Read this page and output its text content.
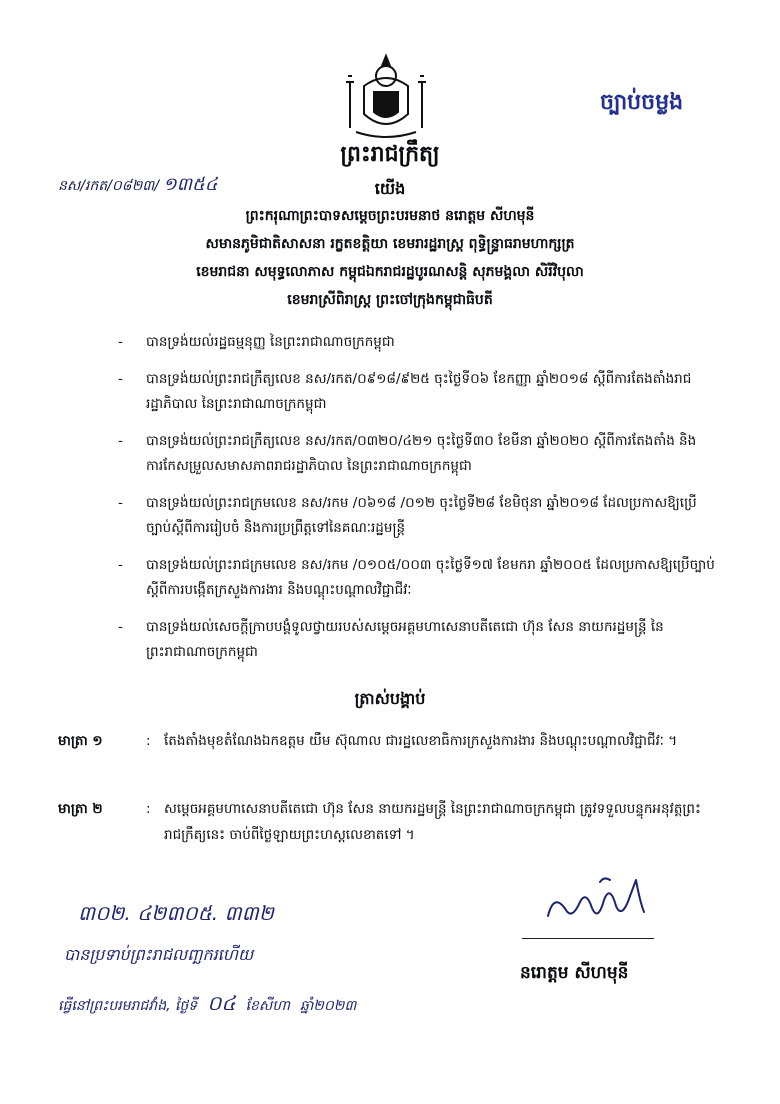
ច្បាប់ចម្លង
នស/រកត/០៨២៣/ ១៣៥៤
ព្រះរាជក្រឹត្យ
យើង
ព្រះករុណាព្រះបាទសម្តេចព្រះបរមនាថ នរោត្តម សីហមុនី
សមានភូមិជាតិសាសនា រក្ខតខត្តិយា ខេមរារដ្ឋរាស្ត្រ ពុទ្ធិន្ទ្រាធរាមហាក្សត្រ
ខេមរាជនា សមុទ្ធលោភាស កម្ពុជឯករាជរដ្ឋបូរណសន្តិ សុភមង្គលា សិរីវិបុលា
ខេមរាស្រីពិរាស្ត្រ ព្រះចៅក្រុងកម្ពុជាធិបតី
- បានទ្រង់យល់រដ្ឋធម្មនុញ្ញ នៃព្រះរាជាណាចក្រកម្ពុជា
- បានទ្រង់យល់ព្រះរាជក្រឹត្យលេខ នស/រកត/០៩១៨/៩២៥ ចុះថ្ងៃទី០៦ ខែកញ្ញា ឆ្នាំ២០១៨ ស្តីពីការតែងតាំងរាជរដ្ឋាភិបាល នៃព្រះរាជាណាចក្រកម្ពុជា
- បានទ្រង់យល់ព្រះរាជក្រឹត្យលេខ នស/រកត/០៣២០/៤២១ ចុះថ្ងៃទី៣០ ខែមីនា ឆ្នាំ២០២០ ស្តីពីការតែងតាំង និងការកែសម្រួលសមាសភាពរាជរដ្ឋាភិបាល នៃព្រះរាជាណាចក្រកម្ពុជា
- បានទ្រង់យល់ព្រះរាជក្រមលេខ នស/រកម /០៦១៨ /០១២ ចុះថ្ងៃទី២៨ ខែមិថុនា ឆ្នាំ២០១៨ ដែលប្រកាសឱ្យប្រើច្បាប់ស្តីពីការរៀបចំ និងការប្រព្រឹត្តទៅនៃគណៈរដ្ឋមន្ត្រី
- បានទ្រង់យល់ព្រះរាជក្រមលេខ នស/រកម /០១០៥/០០៣ ចុះថ្ងៃទី១៧ ខែមករា ឆ្នាំ២០០៥ ដែលប្រកាសឱ្យប្រើច្បាប់ស្តីពីការបង្កើតក្រសួងការងារ និងបណ្តុះបណ្តាលវិជ្ជាជីវៈ
- បានទ្រង់យល់សេចក្តីក្រាបបង្គំទូលថ្វាយរបស់សម្តេចអគ្គមហាសេនាបតីតេជោ ហ៊ុន សែន នាយករដ្ឋមន្ត្រី នៃព្រះរាជាណាចក្រកម្ពុជា
ត្រាស់បង្គាប់
មាត្រា ១	: តែងតាំងមុខតំណែងឯកឧត្តម យឹម ស៊ុណាល ជារដ្ឋលេខាធិការក្រសួងការងារ និងបណ្តុះបណ្តាលវិជ្ជាជីវៈ ។
មាត្រា ២	: សម្តេចអគ្គមហាសេនាបតីតេជោ ហ៊ុន សែន នាយករដ្ឋមន្ត្រី នៃព្រះរាជាណាចក្រកម្ពុជា ត្រូវទទួលបន្ទុកអនុវត្តព្រះរាជក្រឹត្យនេះ ចាប់ពីថ្ងៃឡាយព្រះហស្តលេខាតទៅ ។
៣០២.​ ៤២៣០៥. ៣៣២
បានប្រទាប់ព្រះរាជលញ្ឆករហើយ
ធ្វើនៅព្រះបរមរាជវាំង, ថ្ងៃទី ០៤ ខែសីហា ឆ្នាំ២០២៣
នរោត្តម សីហមុនី
